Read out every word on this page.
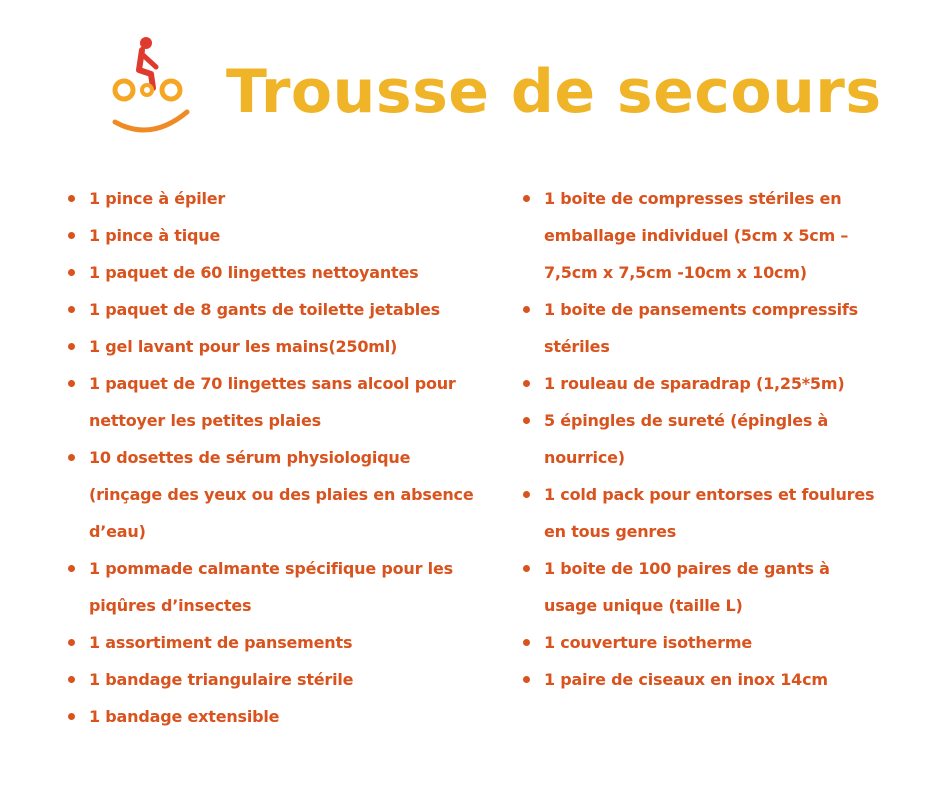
Trousse de secours
1 pince à épiler
1 pince à tique
1 paquet de 60 lingettes nettoyantes
1 paquet de 8 gants de toilette jetables
1 gel lavant pour les mains(250ml)
1 paquet de 70 lingettes sans alcool pour nettoyer les petites plaies
10 dosettes de sérum physiologique (rinçage des yeux ou des plaies en absence d’eau)
1 pommade calmante spécifique pour les piqûres d’insectes
1 assortiment de pansements
1 bandage triangulaire stérile
1 bandage extensible
1 boite de compresses stériles en emballage individuel (5cm x 5cm – 7,5cm x 7,5cm -10cm x 10cm)
1 boite de pansements compressifs stériles
1 rouleau de sparadrap (1,25*5m)
5 épingles de sureté (épingles à nourrice)
1 cold pack pour entorses et foulures en tous genres
1 boite de 100 paires de gants à usage unique (taille L)
1 couverture isotherme
1 paire de ciseaux en inox 14cm
